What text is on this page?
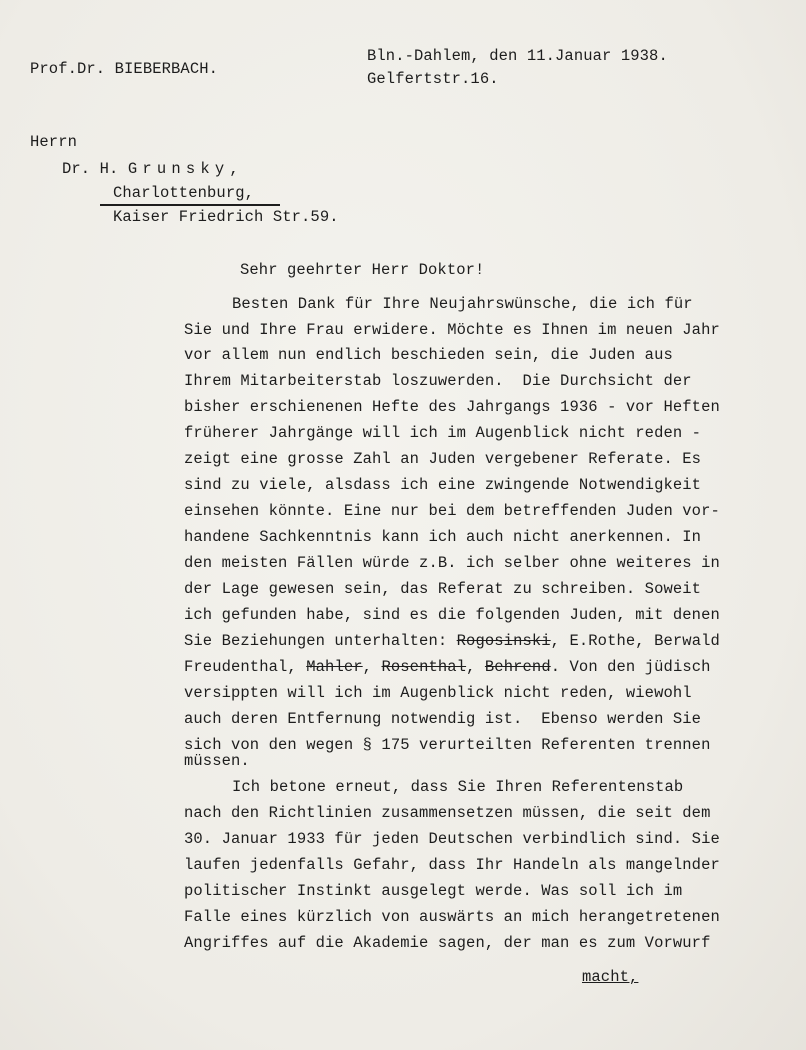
Prof.Dr. BIEBERBACH.
Bln.-Dahlem, den 11.Januar 1938.
Gelfertstr.16.
Herrn
Dr. H. Grunsky,
Charlottenburg,
Kaiser Friedrich Str.59.
Sehr geehrter Herr Doktor!
Besten Dank für Ihre Neujahrswünsche, die ich für
Sie und Ihre Frau erwidere. Möchte es Ihnen im neuen Jahr
vor allem nun endlich beschieden sein, die Juden aus
Ihrem Mitarbeiterstab loszuwerden.  Die Durchsicht der
bisher erschienenen Hefte des Jahrgangs 1936 - vor Heften
früherer Jahrgänge will ich im Augenblick nicht reden -
zeigt eine grosse Zahl an Juden vergebener Referate. Es
sind zu viele, alsdass ich eine zwingende Notwendigkeit
einsehen könnte. Eine nur bei dem betreffenden Juden vor-
handene Sachkenntnis kann ich auch nicht anerkennen. In
den meisten Fällen würde z.B. ich selber ohne weiteres in
der Lage gewesen sein, das Referat zu schreiben. Soweit
ich gefunden habe, sind es die folgenden Juden, mit denen
Sie Beziehungen unterhalten: Rogosinski, E.Rothe, Berwald
Freudenthal, Mahler, Rosenthal, Behrend. Von den jüdisch
versippten will ich im Augenblick nicht reden, wiewohl
auch deren Entfernung notwendig ist.  Ebenso werden Sie
sich von den wegen § 175 verurteilten Referenten trennen
müssen.
Ich betone erneut, dass Sie Ihren Referentenstab
nach den Richtlinien zusammensetzen müssen, die seit dem
30. Januar 1933 für jeden Deutschen verbindlich sind. Sie
laufen jedenfalls Gefahr, dass Ihr Handeln als mangelnder
politischer Instinkt ausgelegt werde. Was soll ich im
Falle eines kürzlich von auswärts an mich herangetretenen
Angriffes auf die Akademie sagen, der man es zum Vorwurf
macht,
